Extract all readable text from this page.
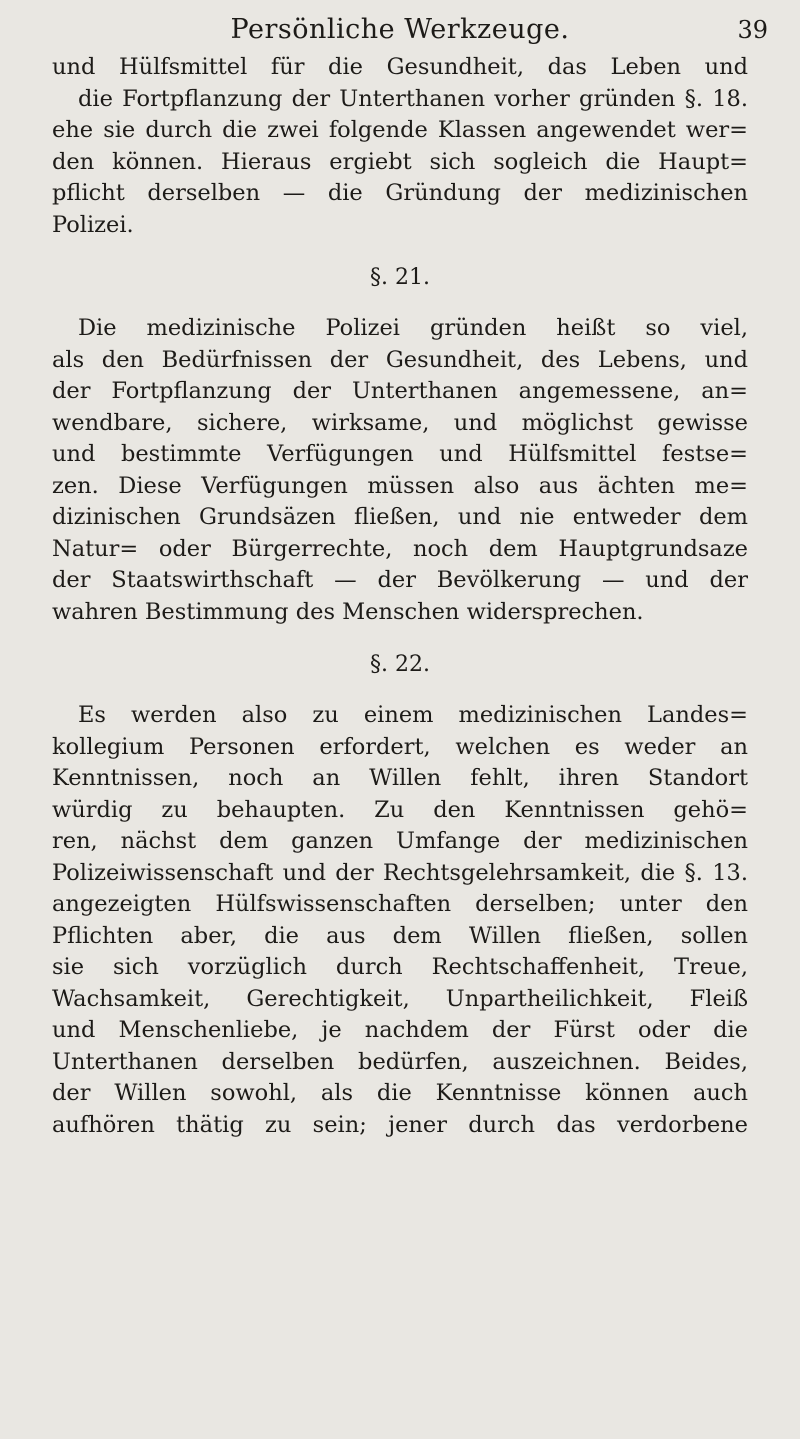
Persönliche Werkzeuge.	39
und Hülfsmittel für die Gesundheit, das Leben und
die Fortpflanzung der Unterthanen vorher gründen §. 18.
ehe sie durch die zwei folgende Klassen angewendet wer=
den können. Hieraus ergiebt sich sogleich die Haupt=
pflicht derselben — die Gründung der medizinischen
Polizei.
§. 21.
Die medizinische Polizei gründen heißt so viel,
als den Bedürfnissen der Gesundheit, des Lebens, und
der Fortpflanzung der Unterthanen angemessene, an=
wendbare, sichere, wirksame, und möglichst gewisse
und bestimmte Verfügungen und Hülfsmittel festse=
zen. Diese Verfügungen müssen also aus ächten me=
dizinischen Grundsäzen fließen, und nie entweder dem
Natur= oder Bürgerrechte, noch dem Hauptgrundsaze
der Staatswirthschaft — der Bevölkerung — und der
wahren Bestimmung des Menschen widersprechen.
§. 22.
Es werden also zu einem medizinischen Landes=
kollegium Personen erfordert, welchen es weder an
Kenntnissen, noch an Willen fehlt, ihren Standort
würdig zu behaupten. Zu den Kenntnissen gehö=
ren, nächst dem ganzen Umfange der medizinischen
Polizeiwissenschaft und der Rechtsgelehrsamkeit, die §. 13.
angezeigten Hülfswissenschaften derselben; unter den
Pflichten aber, die aus dem Willen fließen, sollen
sie sich vorzüglich durch Rechtschaffenheit, Treue,
Wachsamkeit, Gerechtigkeit, Unpartheilichkeit, Fleiß
und Menschenliebe, je nachdem der Fürst oder die
Unterthanen derselben bedürfen, auszeichnen. Beides,
der Willen sowohl, als die Kenntnisse können auch
aufhören thätig zu sein; jener durch das verdorbene
